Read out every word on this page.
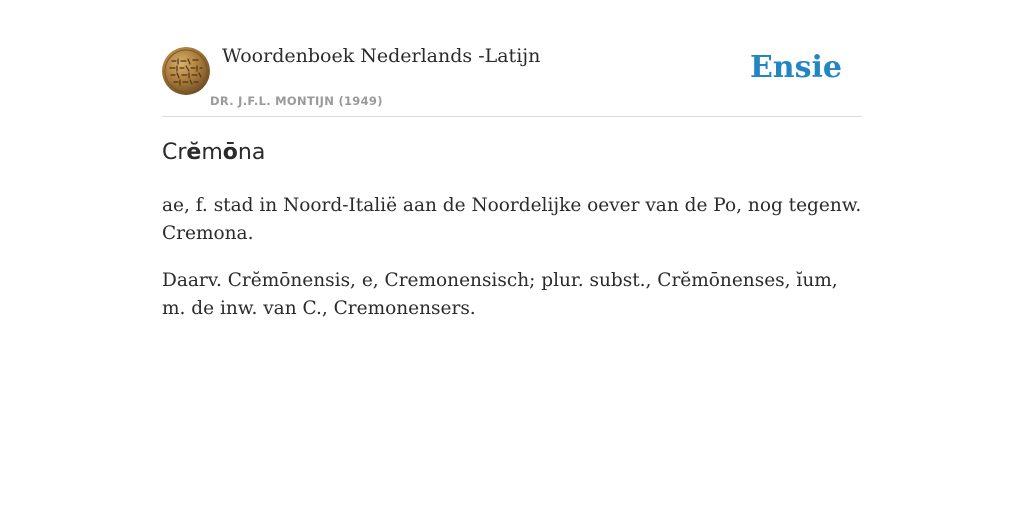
Woordenboek Nederlands -Latijn
DR. J.F.L. MONTIJN (1949)
Ensie
Crĕmōna

ae, f. stad in Noord-Italië aan de Noordelijke oever van de Po, nog tegenw. Cremona.

Daarv. Crĕmōnensis, e, Cremonensisch; plur. subst., Crĕmōnenses, ĭum, m. de inw. van C., Cremonensers.
